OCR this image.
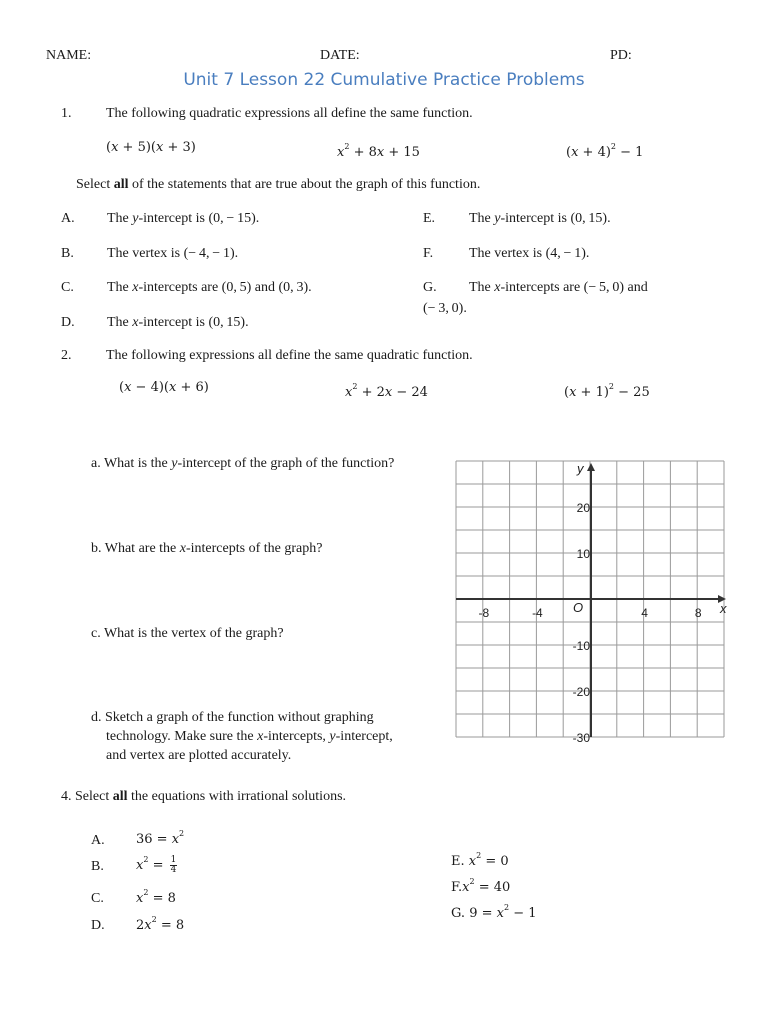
NAME:	DATE:	PD:
Unit 7 Lesson 22 Cumulative Practice Problems
1. The following quadratic expressions all define the same function.
(x + 5)(x + 3)	$x^2 + 8x + 15$	$(x + 4)^2 - 1$
Select all of the statements that are true about the graph of this function.
A. The y-intercept is (0, − 15).
B. The vertex is (− 4, − 1).
C. The x-intercepts are (0, 5) and (0, 3).
D. The x-intercept is (0, 15).
E. The y-intercept is (0, 15).
F.	The vertex is (4, − 1).
G. The x-intercepts are (− 5, 0) and
(− 3, 0).
2. The following expressions all define the same quadratic function.
(x − 4)(x + 6)	$x^2 + 2x - 24$	$(x + 1)^2 - 25$
a. What is the y-intercept of the graph of the function?
b. What are the x-intercepts of the graph?
c. What is the vertex of the graph?
d. Sketch a graph of the function without graphing
technology. Make sure the x-intercepts, y-intercept,
and vertex are plotted accurately.
x
y
O
-8	-4	4	8
20
10
-10
-20
-30
4. Select all the equations with irrational solutions.
A. $36 = x^2$
B. $x^2 = \frac{1}{4}$
C. $x^2 = 8$
D. $2x^2 = 8$
E. $x^2 = 0$
$F.x^2 = 40$
G. $9 = x^2 - 1$
